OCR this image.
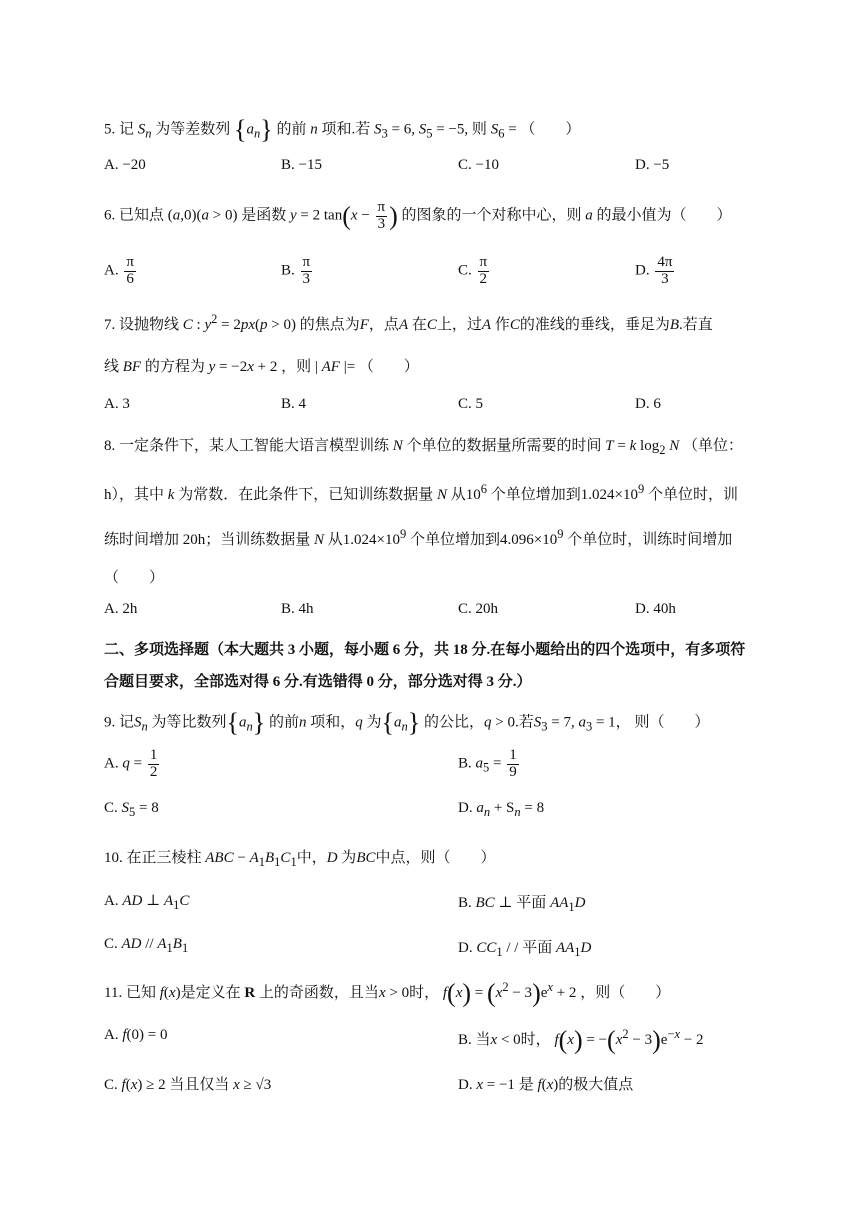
5. 记 $S_n$ 为等差数列 $\{a_n\}$ 的前 n 项和.若 $S_3 = 6$, $S_5 = -5$, 则 $S_6$ = （　　）
A. −20	B. −15	C. −10	D. −5
6. 已知点 (a,0)(a > 0) 是函数 y = 2 $\tan(x - \frac{\pi}{3}$ ) 的图象的一个对称中心，则 a 的最小值为（　　）
A. $\frac{\pi}{6}$	B. $\frac{\pi}{3}$	C. $\frac{\pi}{2}$	D. $\frac{4\pi}{3}$
7. 设抛物线 C : $y^2 = 2px(p > 0)$ 的焦点为F，点A 在C上，过A 作C的准线的垂线，垂足为B.若直
线 BF 的方程为 y = −2x + 2 ，则 | AF |= （　　）
A. 3	B. 4	C. 5	D. 6
8. 一定条件下，某人工智能大语言模型训练 N 个单位的数据量所需要的时间 T = k $\log_2 N$ （单位：
h），其中 k 为常数．在此条件下，已知训练数据量 N 从$10^6$ 个单位增加到$1.024\times 10^9$ 个单位时，训
练时间增加 20h；当训练数据量 N 从$1.024\times 10^9$ 个单位增加到$4.096\times 10^9$ 个单位时，训练时间增加
（　　）
A. 2h	B. 4h	C. 20h	D. 40h
二、多项选择题（本大题共 3 小题，每小题 6 分，共 18 分.在每小题给出的四个选项中，有多项符
合题目要求，全部选对得 6 分.有选错得 0 分，部分选对得 3 分.）
9. 记$S_n$ 为等比数列$\{a_n\}$ 的前n 项和，q 为$\{a_n\}$ 的公比，q > 0.若$S_3 = 7$, $a_3 = 1$， 则（　　）
A. $q = \frac{1}{2}$	B. $a_5 = \frac{1}{9}$
C. $S_5 = 8$	D. $a_n + S_n = 8$
10. 在正三棱柱 ABC − $A_1B_1C_1$中，D 为BC中点，则（　　）
A. AD ⊥ $A_1C$	B. BC ⊥ 平面 $AA_1D$
C. AD // $A_1B_1$	D. $CC_1$ / / 平面 $AA_1D$
11. 已知 f(x)是定义在 R 上的奇函数，且当x > 0时， $f(x) = (x^2 - 3)e^x + 2$ ，则（　　）
A. f(0) = 0	B. 当x < 0时， $f(x) = -(x^2 - 3)e^{-x} - 2$
C. f(x) ≥ 2 当且仅当 x ≥ √3	D. x = −1 是 f(x)的极大值点
